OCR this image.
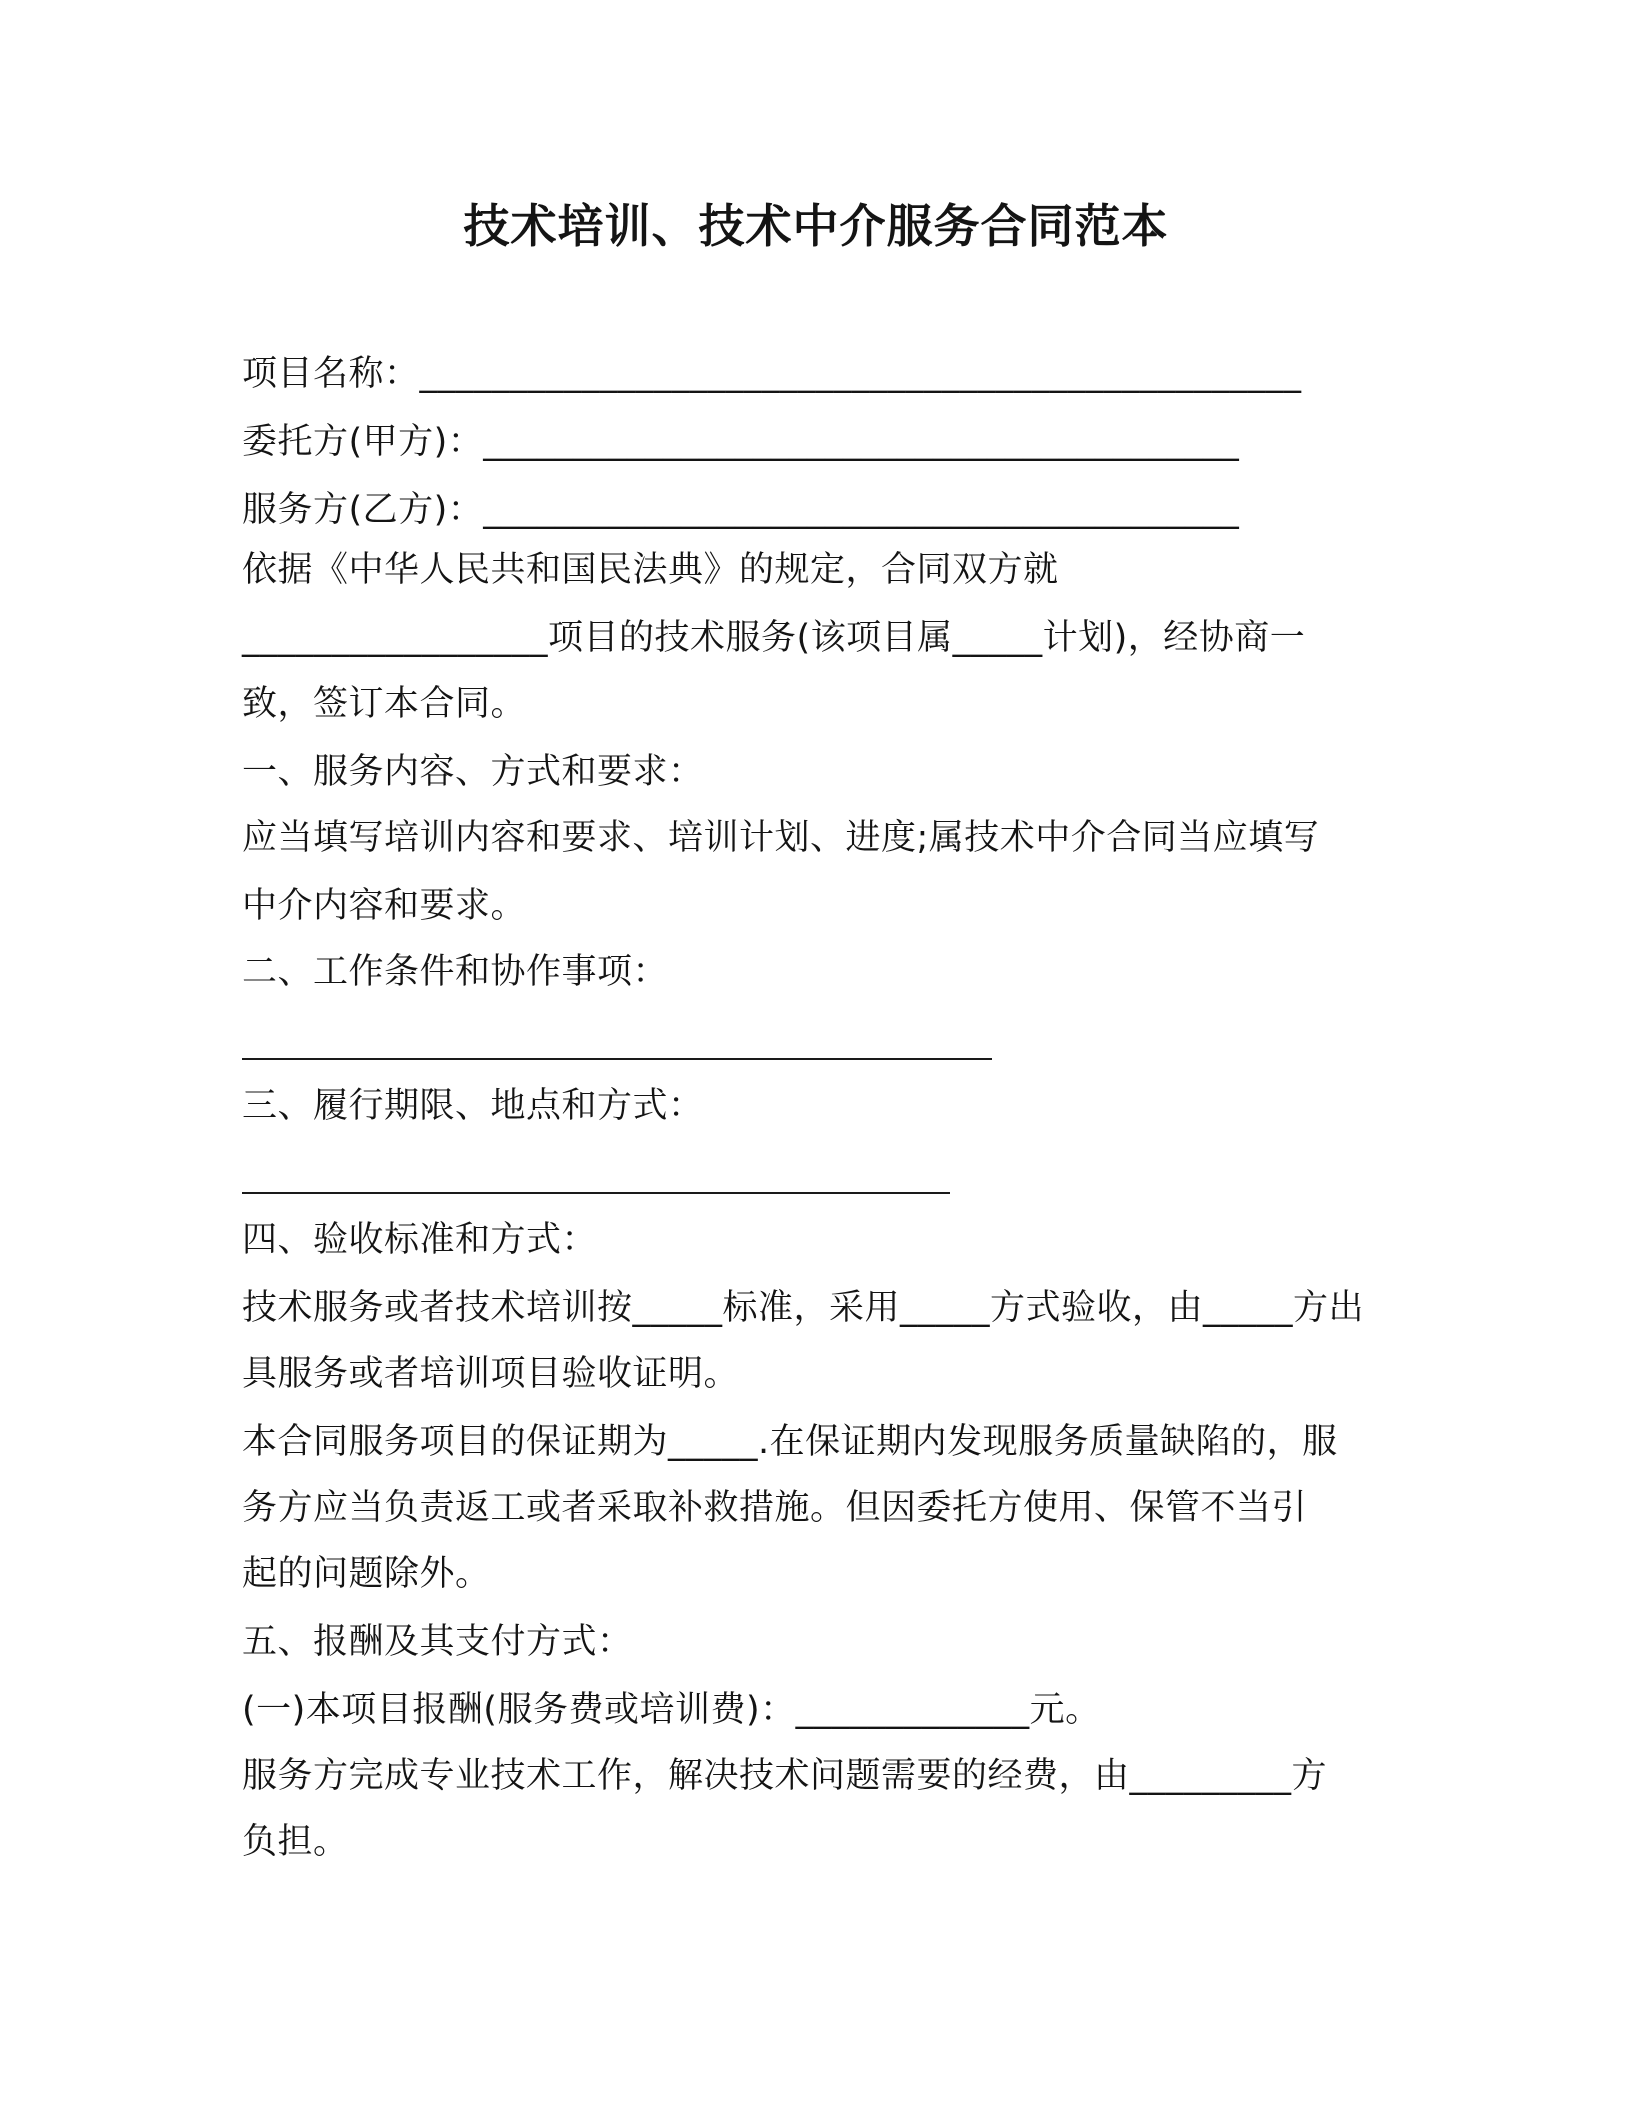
技术培训、技术中介服务合同范本
项目名称：_________________________________________________
委托方(甲方)：__________________________________________
服务方(乙方)：__________________________________________
依据《中华人民共和国民法典》的规定，合同双方就
_________________项目的技术服务(该项目属_____计划)，经协商一
致，签订本合同。
一、服务内容、方式和要求：
应当填写培训内容和要求、培训计划、进度;属技术中介合同当应填写
中介内容和要求。
二、工作条件和协作事项：
三、履行期限、地点和方式：
四、验收标准和方式：
技术服务或者技术培训按_____标准，采用_____方式验收，由_____方出
具服务或者培训项目验收证明。
本合同服务项目的保证期为_____.在保证期内发现服务质量缺陷的，服
务方应当负责返工或者采取补救措施。但因委托方使用、保管不当引
起的问题除外。
五、报酬及其支付方式：
(一)本项目报酬(服务费或培训费)：_____________元。
服务方完成专业技术工作，解决技术问题需要的经费，由_________方
负担。
